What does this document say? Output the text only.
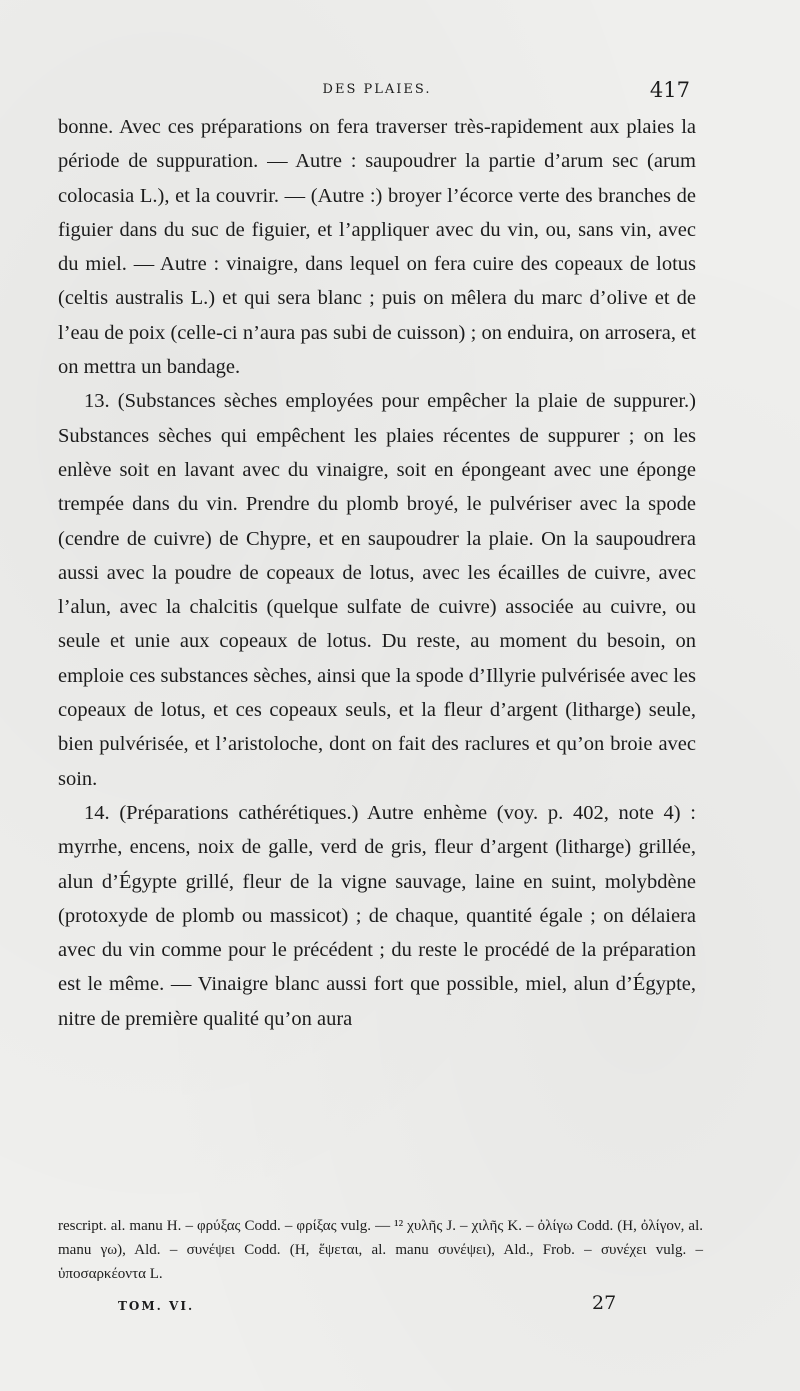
DES PLAIES.	417

bonne. Avec ces préparations on fera traverser très-rapidement aux plaies la période de suppuration. — Autre : saupoudrer la partie d’arum sec (arum colocasia L.), et la couvrir. — (Autre :) broyer l’écorce verte des branches de figuier dans du suc de figuier, et l’appliquer avec du vin, ou, sans vin, avec du miel. — Autre : vinaigre, dans lequel on fera cuire des copeaux de lotus (celtis australis L.) et qui sera blanc ; puis on mêlera du marc d’olive et de l’eau de poix (celle-ci n’aura pas subi de cuisson) ; on enduira, on arrosera, et on mettra un bandage.

13. (Substances sèches employées pour empêcher la plaie de suppurer.) Substances sèches qui empêchent les plaies récentes de suppurer ; on les enlève soit en lavant avec du vinaigre, soit en épongeant avec une éponge trempée dans du vin. Prendre du plomb broyé, le pulvériser avec la spode (cendre de cuivre) de Chypre, et en saupoudrer la plaie. On la saupoudrera aussi avec la poudre de copeaux de lotus, avec les écailles de cuivre, avec l’alun, avec la chalcitis (quelque sulfate de cuivre) associée au cuivre, ou seule et unie aux copeaux de lotus. Du reste, au moment du besoin, on emploie ces substances sèches, ainsi que la spode d’Illyrie pulvérisée avec les copeaux de lotus, et ces copeaux seuls, et la fleur d’argent (litharge) seule, bien pulvérisée, et l’aristoloche, dont on fait des raclures et qu’on broie avec soin.

14. (Préparations cathérétiques.) Autre enhème (voy. p. 402, note 4) : myrrhe, encens, noix de galle, verd de gris, fleur d’argent (litharge) grillée, alun d’Égypte grillé, fleur de la vigne sauvage, laine en suint, molybdène (protoxyde de plomb ou massicot) ; de chaque, quantité égale ; on délaiera avec du vin comme pour le précédent ; du reste le procédé de la préparation est le même. — Vinaigre blanc aussi fort que possible, miel, alun d’Égypte, nitre de première qualité qu’on aura

rescript. al. manu H. – φρύξας Codd. – φρίξας vulg. — ¹² χυλῆς J. – χιλῆς K. – ὀλίγω Codd. (H, ὀλίγον, al. manu γω), Ald. – συνέψει Codd. (H, ἕψεται, al. manu συνέψει), Ald., Frob. – συνέχει vulg. – ὑποσαρκέοντα L.

TOM. VI.	27
